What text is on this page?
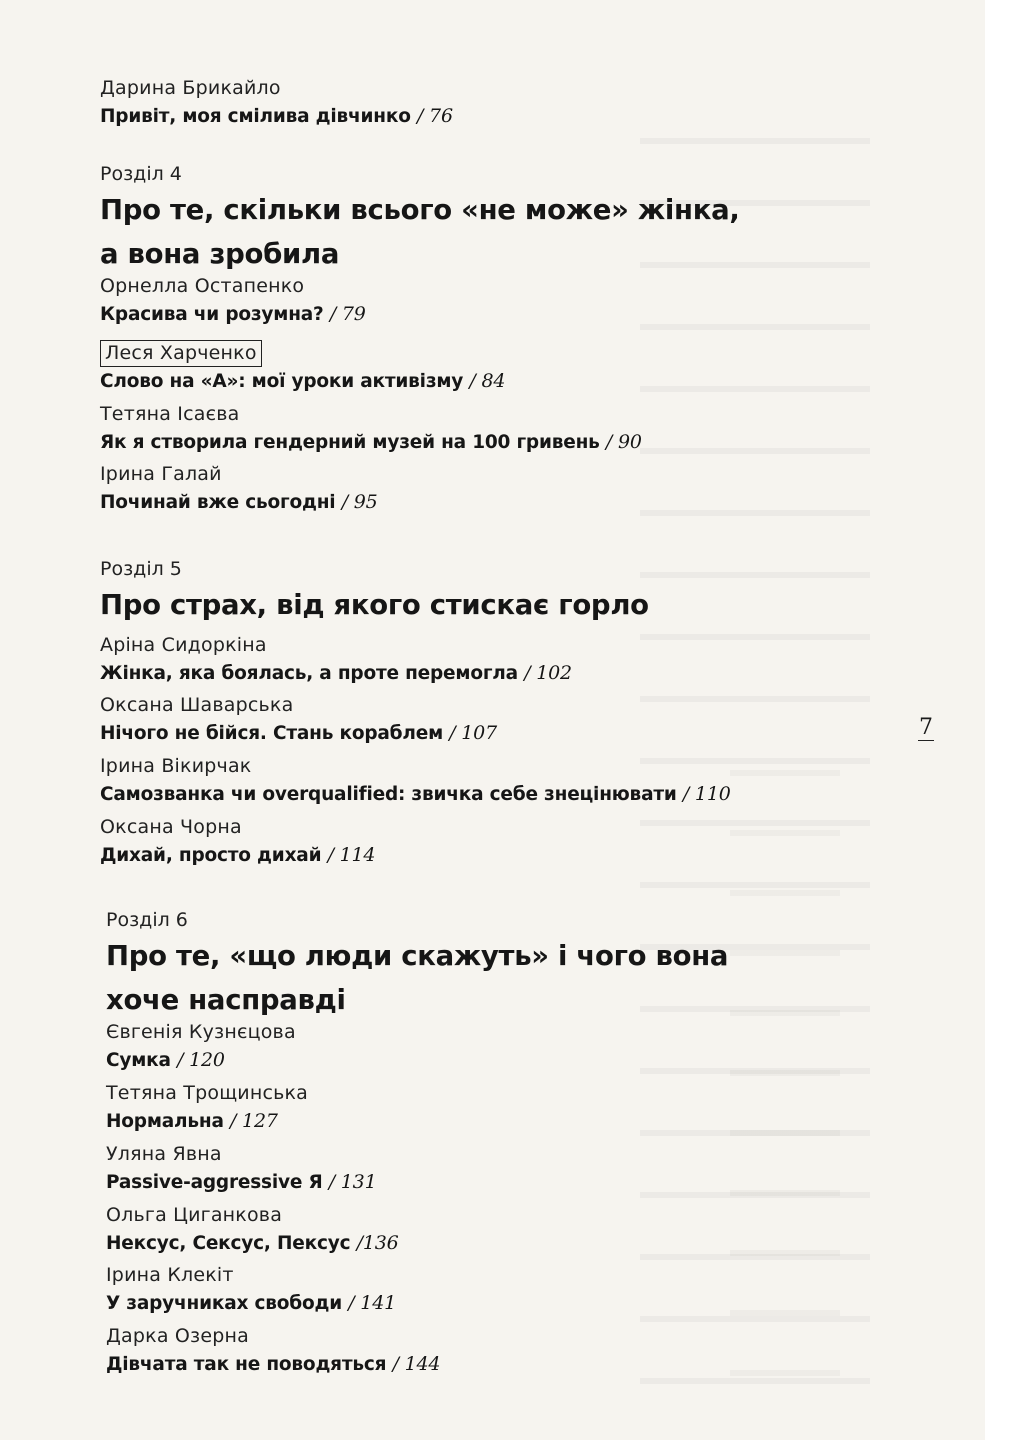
Дарина Брикайло
Привіт, моя смілива дівчинко / 76
Розділ 4
Про те, скільки всього «не може» жінка,
а вона зробила
Орнелла Остапенко
Красива чи розумна? / 79
Леся Харченко
Слово на «А»: мої уроки активізму / 84
Тетяна Ісаєва
Як я створила гендерний музей на 100 гривень / 90
Ірина Галай
Починай вже сьогодні / 95
Розділ 5
Про страх, від якого стискає горло
Аріна Сидоркіна
Жінка, яка боялась, а проте перемогла / 102
Оксана Шаварська
Нічого не бійся. Стань кораблем / 107
Ірина Вікирчак
Самозванка чи overqualified: звичка себе знецінювати / 110
Оксана Чорна
Дихай, просто дихай / 114
Розділ 6
Про те, «що люди скажуть» і чого вона
хоче насправді
Євгенія Кузнєцова
Сумка / 120
Тетяна Трощинська
Нормальна / 127
Уляна Явна
Passive-aggressive Я / 131
Ольга Циганкова
Нексус, Сексус, Пексус /136
Ірина Клекіт
У заручниках свободи / 141
Дарка Озерна
Дівчата так не поводяться / 144
7
